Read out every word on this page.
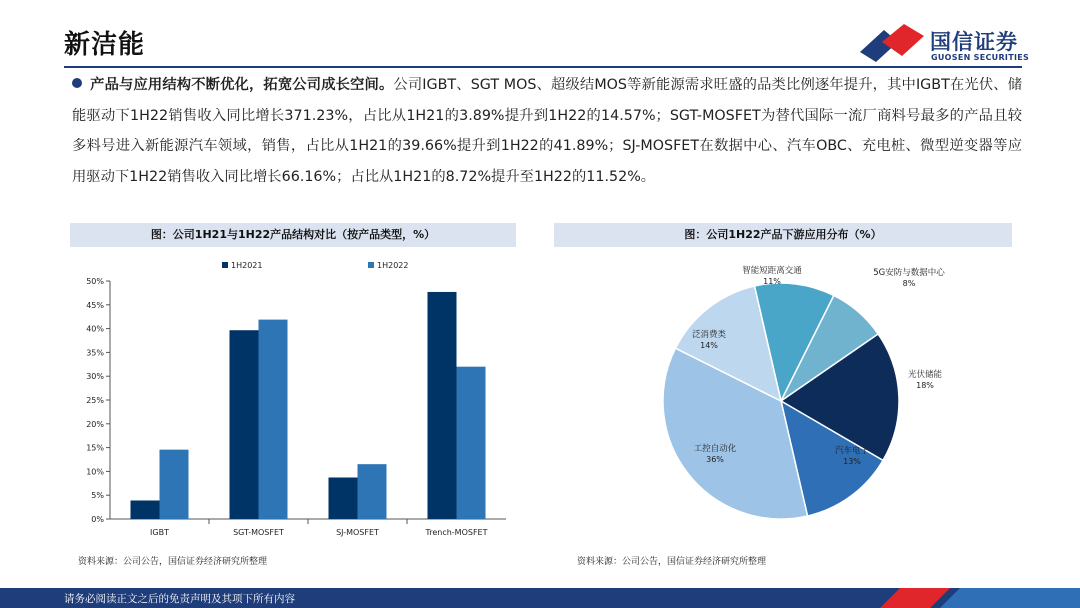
新洁能	国信证券
GUOSEN SECURITIES
产品与应用结构不断优化，拓宽公司成长空间。公司IGBT、SGT MOS、超级结MOS等新能源需求旺盛的品类比例逐年提升，其中IGBT在光伏、储能驱动下1H22销售收入同比增长371.23%，占比从1H21的3.89%提升到1H22的14.57%；SGT-MOSFET为替代国际一流厂商料号最多的产品且较多料号进入新能源汽车领域，销售，占比从1H21的39.66%提升到1H22的41.89%；SJ-MOSFET在数据中心、汽车OBC、充电桩、微型逆变器等应用驱动下1H22销售收入同比增长66.16%；占比从1H21的8.72%提升至1H22的11.52%。
图：公司1H21与1H22产品结构对比（按产品类型，%）
0%
5%
10%
15%
20%
25%
30%
35%
40%
45%
50%
IGBT	SGT-MOSFET	SJ-MOSFET	Trench-MOSFET
1H2021	1H2022
资料来源：公司公告，国信证券经济研究所整理
图：公司1H22产品下游应用分布（%）
智能短距离交通
11%
5G安防与数据中心
8%
光伏储能
18%
汽车电子
13%
工控自动化
36%
泛消费类
14%
资料来源：公司公告，国信证券经济研究所整理
请务必阅读正文之后的免责声明及其项下所有内容
